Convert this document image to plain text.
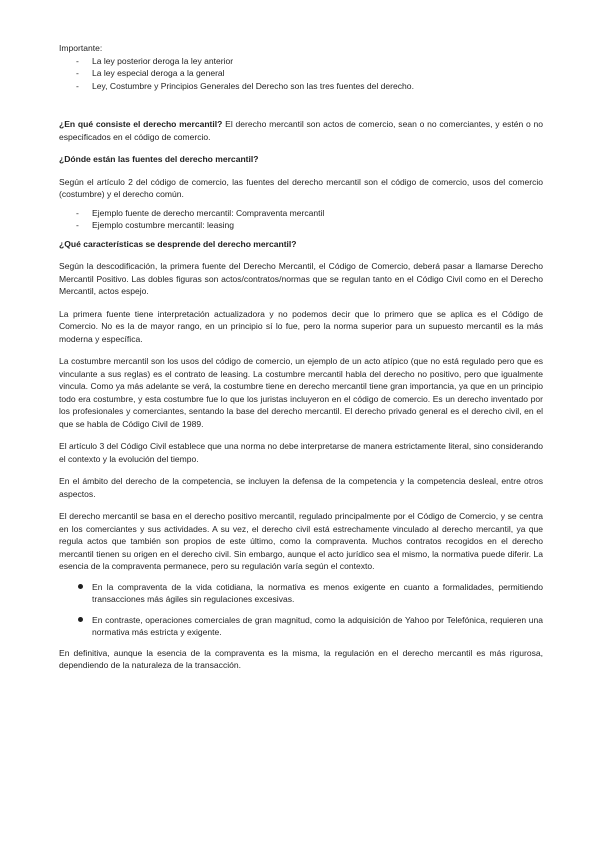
Importante:

- La ley posterior deroga la ley anterior
- La ley especial deroga a la general
- Ley, Costumbre y Principios Generales del Derecho son las tres fuentes del derecho.

¿En qué consiste el derecho mercantil? El derecho mercantil son actos de comercio, sean o no comerciantes, y estén o no especificados en el código de comercio.

¿Dónde están las fuentes del derecho mercantil?

Según el artículo 2 del código de comercio, las fuentes del derecho mercantil son el código de comercio, usos del comercio (costumbre) y el derecho común.

- Ejemplo fuente de derecho mercantil: Compraventa mercantil
- Ejemplo costumbre mercantil: leasing

¿Qué características se desprende del derecho mercantil?

Según la descodificación, la primera fuente del Derecho Mercantil, el Código de Comercio, deberá pasar a llamarse Derecho Mercantil Positivo. Las dobles figuras son actos/contratos/normas que se regulan tanto en el Código Civil como en el Derecho Mercantil, actos espejo.

La primera fuente tiene interpretación actualizadora y no podemos decir que lo primero que se aplica es el Código de Comercio. No es la de mayor rango, en un principio sí lo fue, pero la norma superior para un supuesto mercantil es la más moderna y específica.

La costumbre mercantil son los usos del código de comercio, un ejemplo de un acto atípico (que no está regulado pero que es vinculante a sus reglas) es el contrato de leasing. La costumbre mercantil habla del derecho no positivo, pero que igualmente vincula. Como ya más adelante se verá, la costumbre tiene en derecho mercantil tiene gran importancia, ya que en un principio todo era costumbre, y esta costumbre fue lo que los juristas incluyeron en el código de comercio. Es un derecho inventado por los profesionales y comerciantes, sentando la base del derecho mercantil. El derecho privado general es el derecho civil, en el que se habla de Código Civil de 1989.

El artículo 3 del Código Civil establece que una norma no debe interpretarse de manera estrictamente literal, sino considerando el contexto y la evolución del tiempo.

En el ámbito del derecho de la competencia, se incluyen la defensa de la competencia y la competencia desleal, entre otros aspectos.

El derecho mercantil se basa en el derecho positivo mercantil, regulado principalmente por el Código de Comercio, y se centra en los comerciantes y sus actividades. A su vez, el derecho civil está estrechamente vinculado al derecho mercantil, ya que regula actos que también son propios de este último, como la compraventa. Muchos contratos recogidos en el derecho mercantil tienen su origen en el derecho civil. Sin embargo, aunque el acto jurídico sea el mismo, la normativa puede diferir. La esencia de la compraventa permanece, pero su regulación varía según el contexto.

En la compraventa de la vida cotidiana, la normativa es menos exigente en cuanto a formalidades, permitiendo transacciones más ágiles sin regulaciones excesivas.
En contraste, operaciones comerciales de gran magnitud, como la adquisición de Yahoo por Telefónica, requieren una normativa más estricta y exigente.

En definitiva, aunque la esencia de la compraventa es la misma, la regulación en el derecho mercantil es más rigurosa, dependiendo de la naturaleza de la transacción.
